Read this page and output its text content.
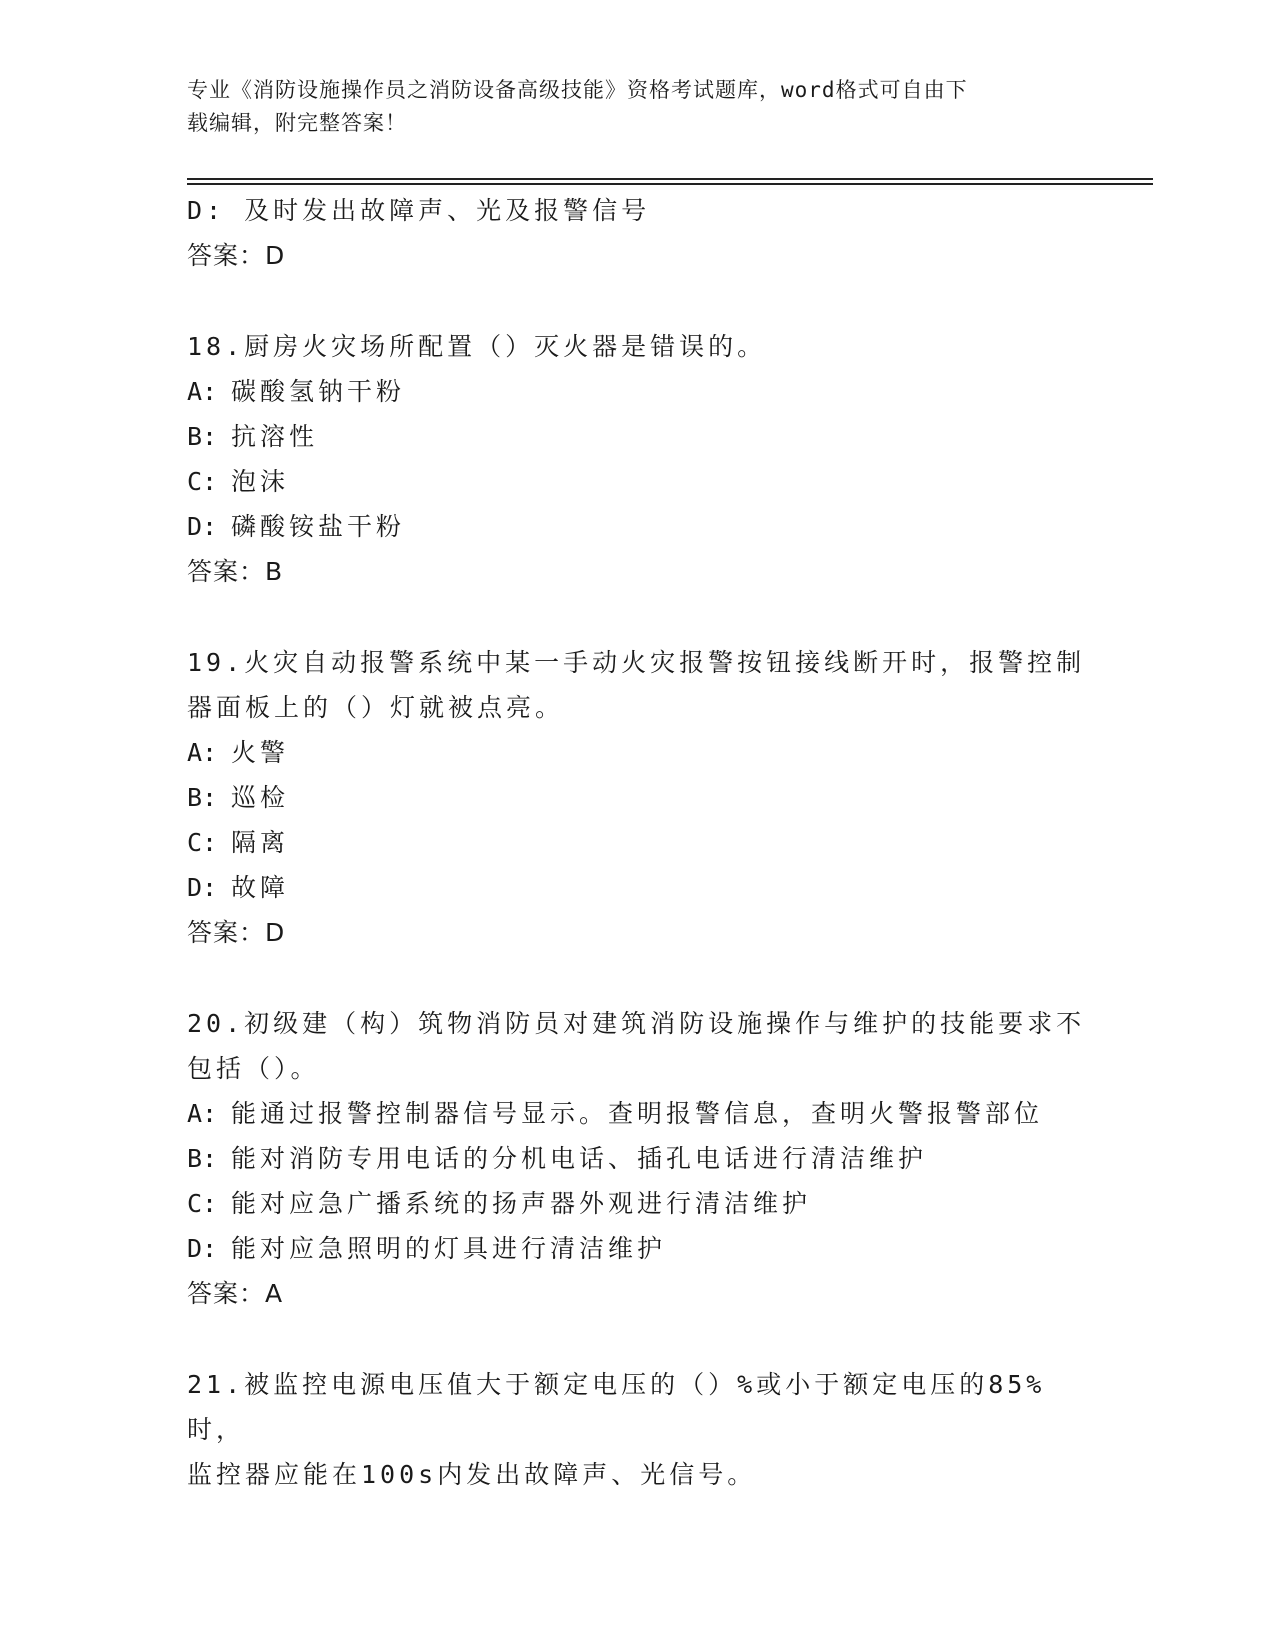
专业《消防设施操作员之消防设备高级技能》资格考试题库，word格式可自由下
载编辑，附完整答案！
D: 及时发出故障声、光及报警信号
答案：D
18.厨房火灾场所配置（）灭火器是错误的。
A: 碳酸氢钠干粉
B: 抗溶性
C: 泡沫
D: 磷酸铵盐干粉
答案：B
19.火灾自动报警系统中某一手动火灾报警按钮接线断开时，报警控制
器面板上的（）灯就被点亮。
A: 火警
B: 巡检
C: 隔离
D: 故障
答案：D
20.初级建（构）筑物消防员对建筑消防设施操作与维护的技能要求不
包括（）。
A: 能通过报警控制器信号显示。查明报警信息，查明火警报警部位
B: 能对消防专用电话的分机电话、插孔电话进行清洁维护
C: 能对应急广播系统的扬声器外观进行清洁维护
D: 能对应急照明的灯具进行清洁维护
答案：A
21.被监控电源电压值大于额定电压的（）%或小于额定电压的85%时，
监控器应能在100s内发出故障声、光信号。
